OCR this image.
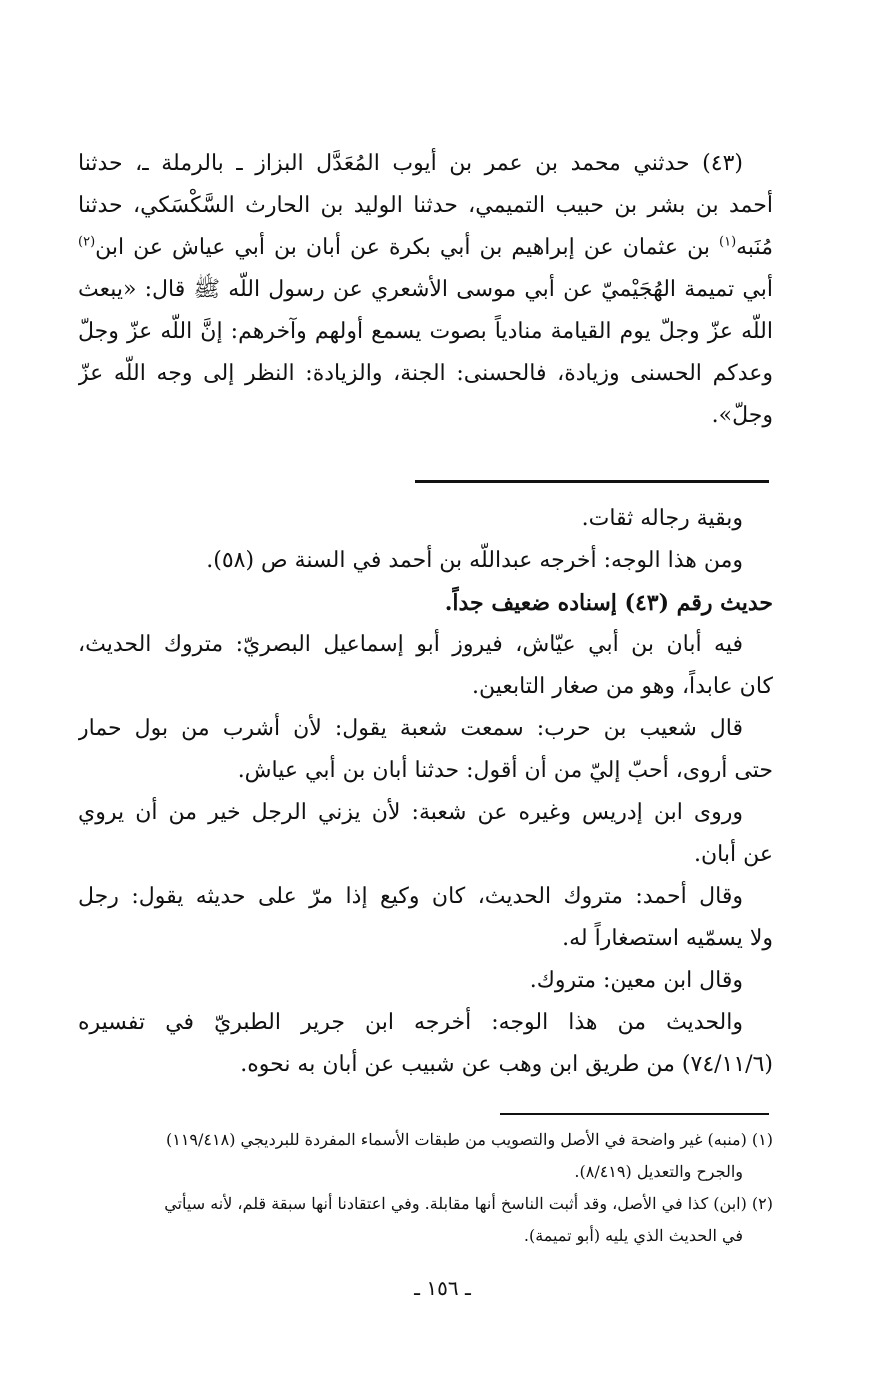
(٤٣) حدثني محمد بن عمر بن أيوب المُعَدَّل البزاز ـ بالرملة ـ، حدثنا
أحمد بن بشر بن حبيب التميمي، حدثنا الوليد بن الحارث السَّكْسَكي، حدثنا
مُنَبه$^{(١)}$ بن عثمان عن إبراهيم بن أبي بكرة عن أبان بن أبي عياش عن ابن$^{(٢)}$
أبي تميمة الهُجَيْميّ عن أبي موسى الأشعري عن رسول اللّه ﷺ قال: «يبعث
اللّه عزّ وجلّ يوم القيامة منادياً بصوت يسمع أولهم وآخرهم: إنَّ اللّه عزّ وجلّ
وعدكم الحسنى وزيادة، فالحسنى: الجنة، والزيادة: النظر إلى وجه اللّه عزّ
وجلّ».
وبقية رجاله ثقات.
ومن هذا الوجه: أخرجه عبداللّه بن أحمد في السنة ص (٥٨).
حديث رقم (٤٣) إسناده ضعيف جداً.
فيه أبان بن أبي عيّاش، فيروز أبو إسماعيل البصريّ: متروك الحديث،
كان عابداً، وهو من صغار التابعين.
قال شعيب بن حرب: سمعت شعبة يقول: لأن أشرب من بول حمار
حتى أروى، أحبّ إليّ من أن أقول: حدثنا أبان بن أبي عياش.
وروى ابن إدريس وغيره عن شعبة: لأن يزني الرجل خير من أن يروي
عن أبان.
وقال أحمد: متروك الحديث، كان وكيع إذا مرّ على حديثه يقول: رجل
ولا يسمّيه استصغاراً له.
وقال ابن معين: متروك.
والحديث من هذا الوجه: أخرجه ابن جرير الطبريّ في تفسيره
(٧٤/١١/٦) من طريق ابن وهب عن شبيب عن أبان به نحوه.
(١) (منبه) غير واضحة في الأصل والتصويب من طبقات الأسماء المفردة للبرديجي (١١٩/٤١٨)
والجرح والتعديل (٨/٤١٩).
(٢) (ابن) كذا في الأصل، وقد أثبت الناسخ أنها مقابلة. وفي اعتقادنا أنها سبقة قلم، لأنه سيأتي
في الحديث الذي يليه (أبو تميمة).
ـ ١٥٦ ـ
